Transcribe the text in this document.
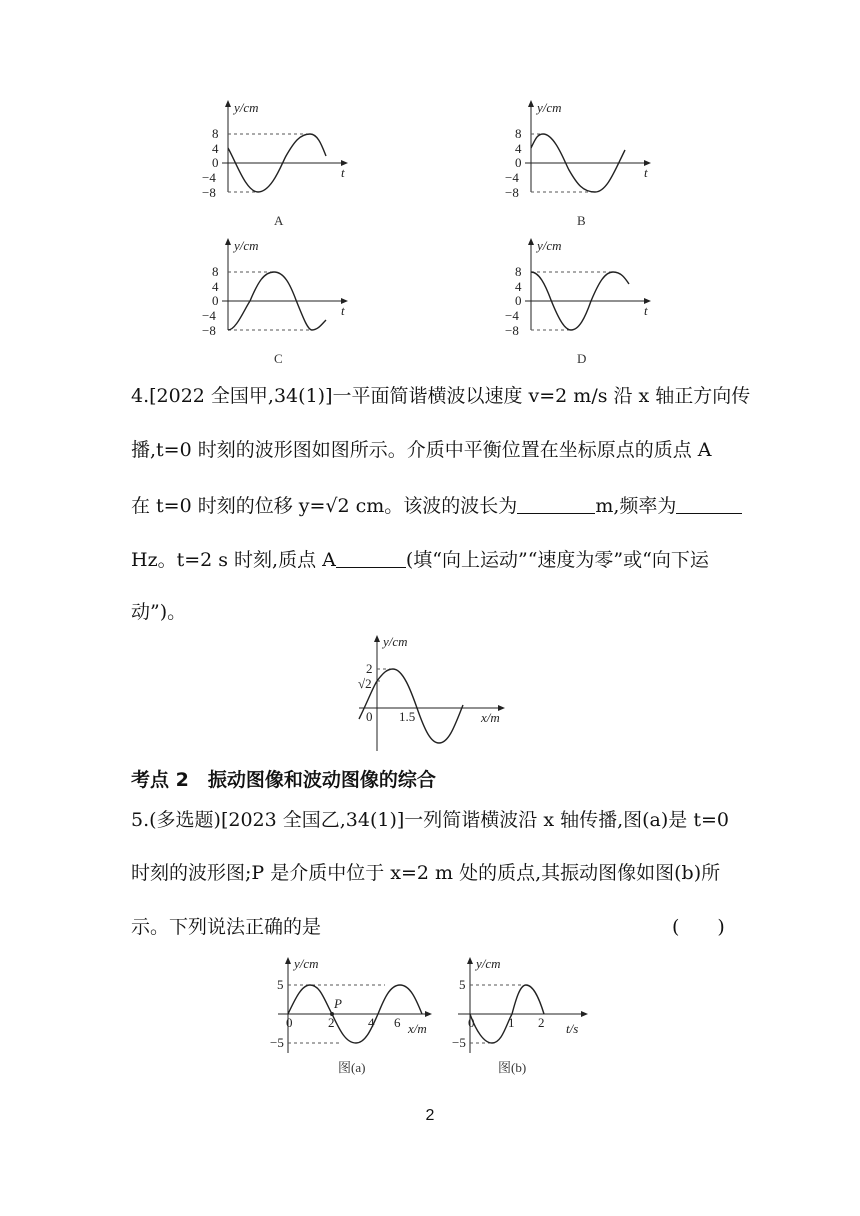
y/cm
t
8
4
0
−4
−8
A
y/cm
t
8
4
0
−4
−8
B
y/cm
t
8
4
0
−4
−8
C
y/cm
t
8
4
0
−4
−8
D
4.[2022 全国甲,34(1)]一平面简谐横波以速度 v=2 m/s 沿 x 轴正方向传
播,t=0 时刻的波形图如图所示。介质中平衡位置在坐标原点的质点 A
在 t=0 时刻的位移 y=√2 cm。该波的波长为	m,频率为
Hz。t=2 s 时刻,质点 A	(填“向上运动”“速度为零”或“向下运
动”)。
y/cm
x/m
2
√2
0 1.5
考点 2　振动图像和波动图像的综合
5.(多选题)[2023 全国乙,34(1)]一列简谐横波沿 x 轴传播,图(a)是 t=0
时刻的波形图;P 是介质中位于 x=2 m 处的质点,其振动图像如图(b)所
示。下列说法正确的是	(　　)
y/cm
x/m
P
5
−5
0	2	4 6
图(a)
y/cm
t/s
5
−5
0	1 2
图(b)
2
